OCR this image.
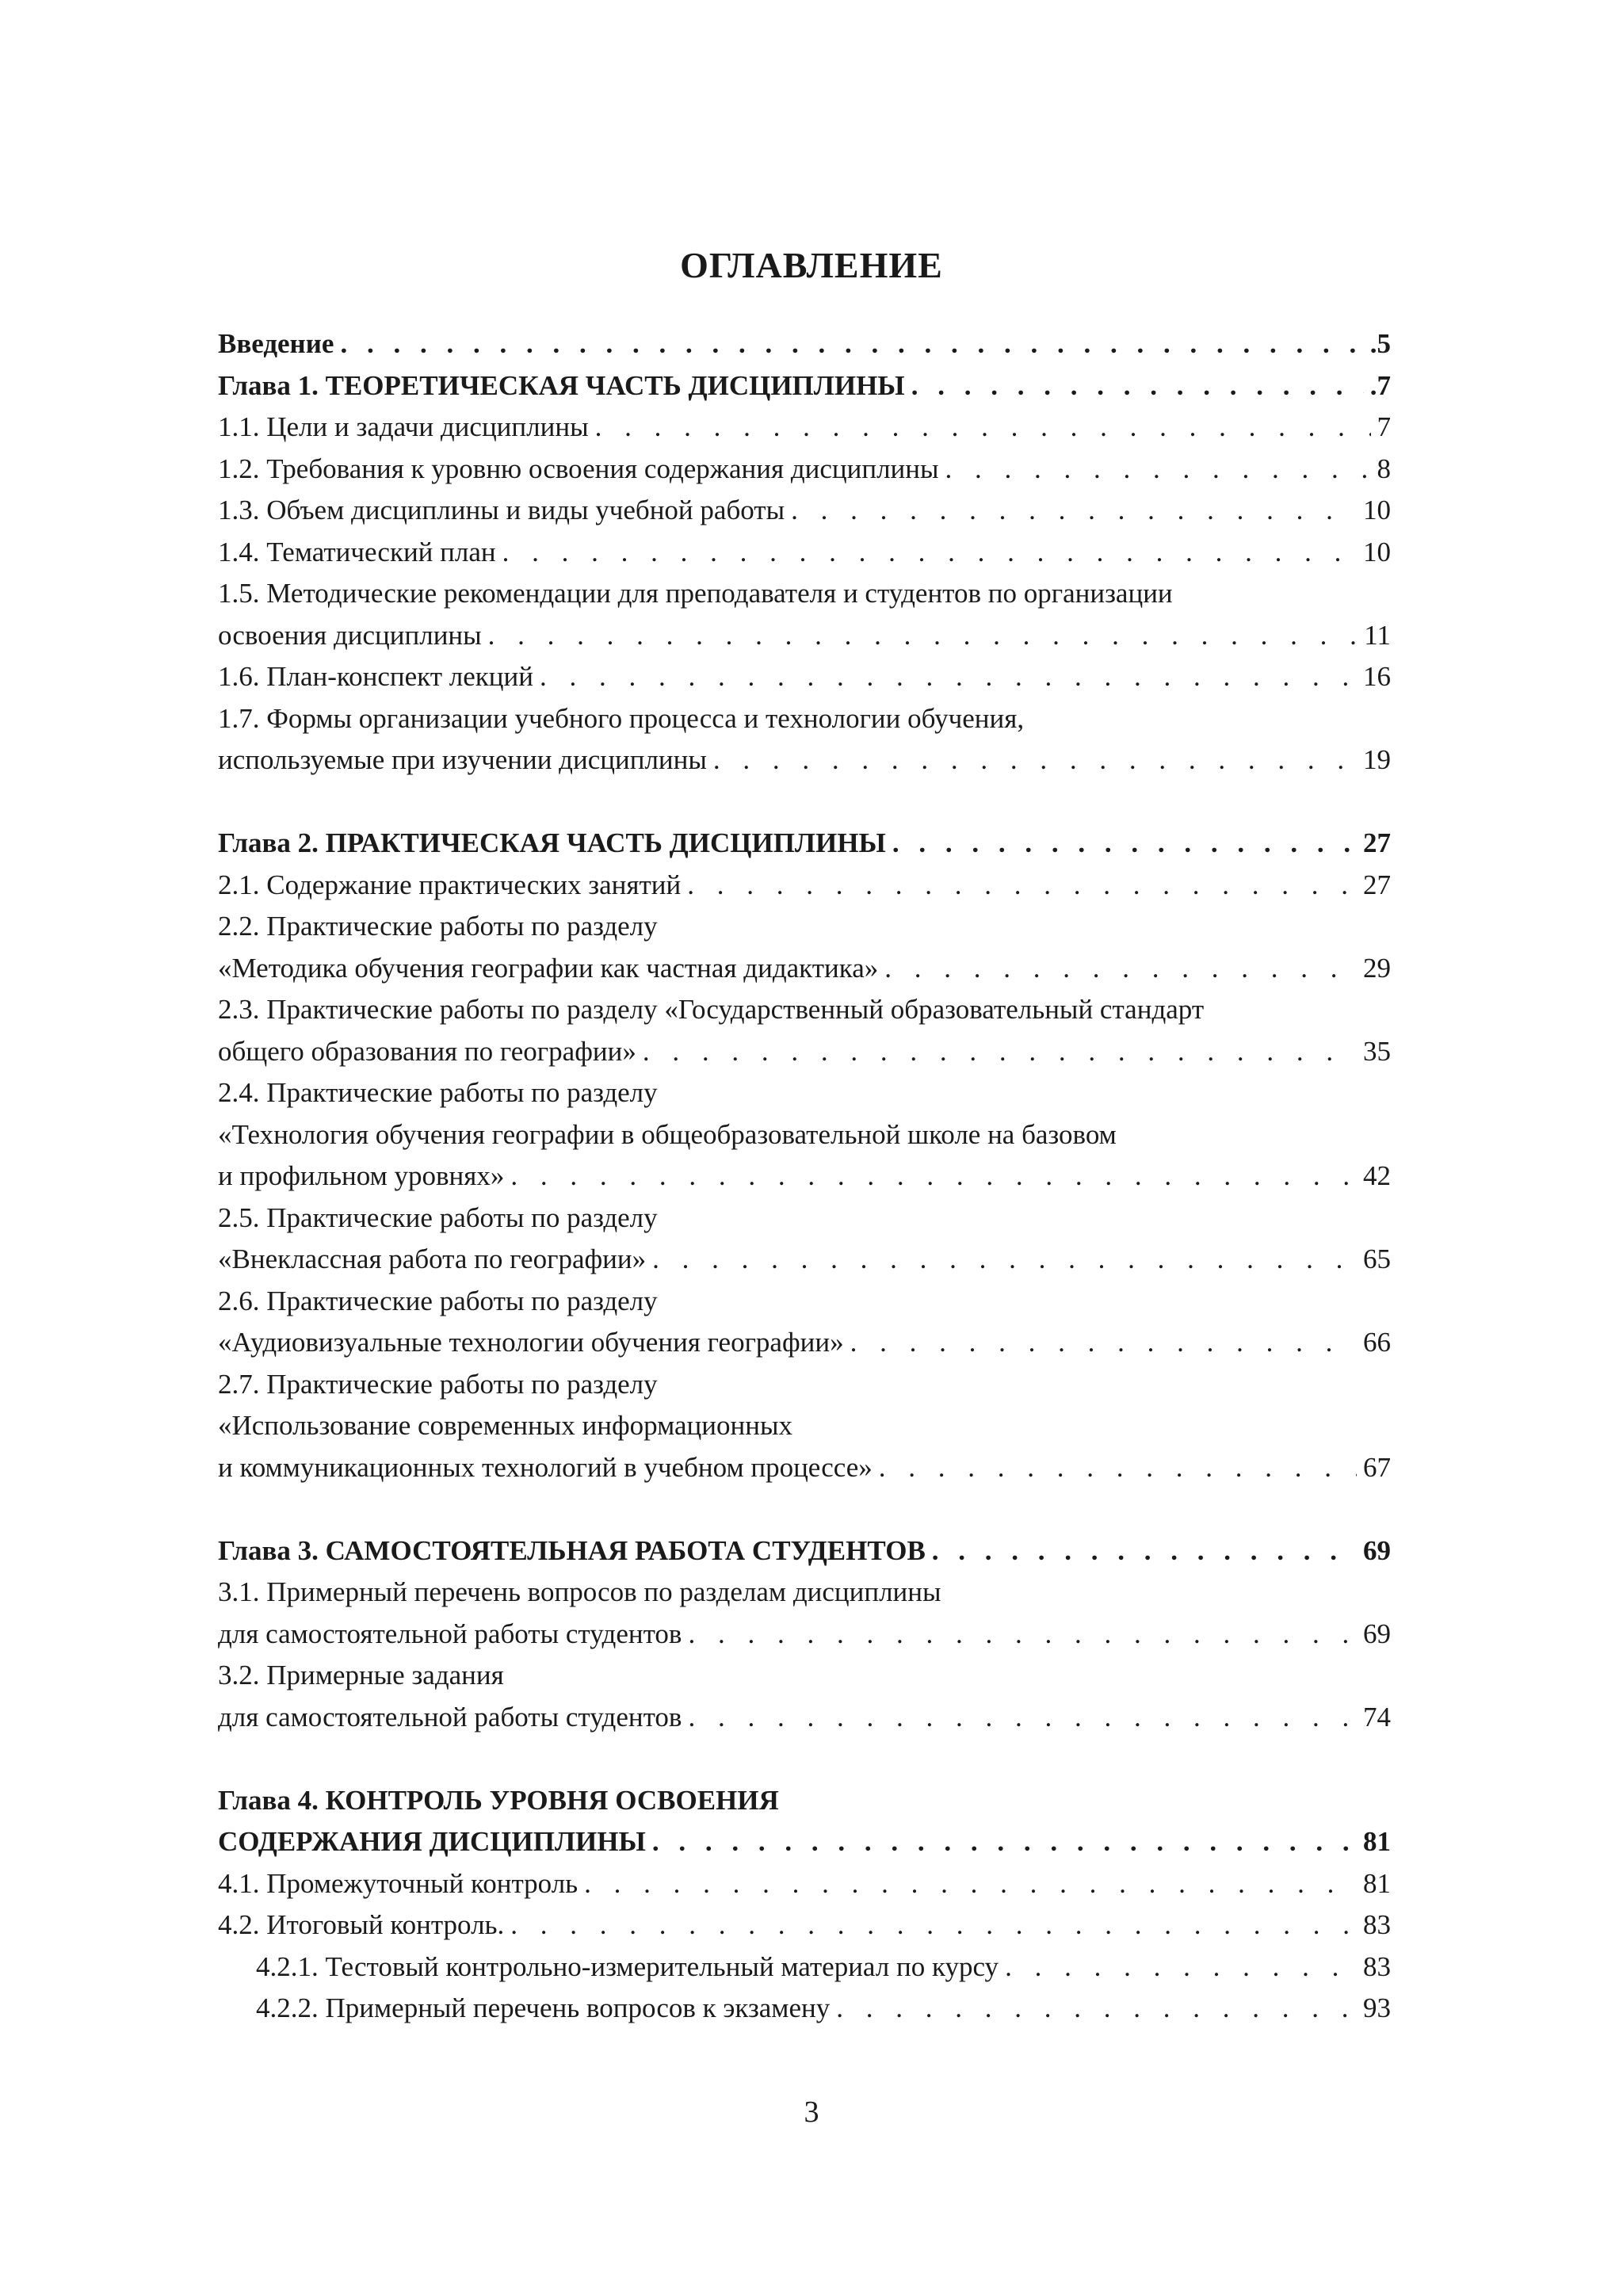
ОГЛАВЛЕНИЕ
Введение . . .	.5
Глава 1. ТЕОРЕТИЧЕСКАЯ ЧАСТЬ ДИСЦИПЛИНЫ . . .	.7
1.1. Цели и задачи дисциплины . . .	7
1.2. Требования к уровню освоения содержания дисциплины . . .	8
1.3. Объем дисциплины и виды учебной работы . . .	10
1.4. Тематический план . . .	10
1.5. Методические рекомендации для преподавателя и студентов по организации
освоения дисциплины . . .	11
1.6. План-конспект лекций . . .	16
1.7. Формы организации учебного процесса и технологии обучения,
используемые при изучении дисциплины . . .	19
Глава 2. ПРАКТИЧЕСКАЯ ЧАСТЬ ДИСЦИПЛИНЫ . . .	27
2.1. Содержание практических занятий . . .	27
2.2. Практические работы по разделу
«Методика обучения географии как частная дидактика» . . .	29
2.3. Практические работы по разделу «Государственный образовательный стандарт
общего образования по географии» . . .	35
2.4. Практические работы по разделу
«Технология обучения географии в общеобразовательной школе на базовом
и профильном уровнях» . . .	42
2.5. Практические работы по разделу
«Внеклассная работа по географии» . . .	65
2.6. Практические работы по разделу
«Аудиовизуальные технологии обучения географии» . . .	66
2.7. Практические работы по разделу
«Использование современных информационных
и коммуникационных технологий в учебном процессе» . . .	67
Глава 3. САМОСТОЯТЕЛЬНАЯ РАБОТА СТУДЕНТОВ . . .	69
3.1. Примерный перечень вопросов по разделам дисциплины
для самостоятельной работы студентов . . .	69
3.2. Примерные задания
для самостоятельной работы студентов . . .	74
Глава 4. КОНТРОЛЬ УРОВНЯ ОСВОЕНИЯ
СОДЕРЖАНИЯ ДИСЦИПЛИНЫ . . .	81
4.1. Промежуточный контроль . . .	81
4.2. Итоговый контроль. . . .	83
4.2.1. Тестовый контрольно-измерительный материал по курсу . . .	83
4.2.2. Примерный перечень вопросов к экзамену . . .	93
3
